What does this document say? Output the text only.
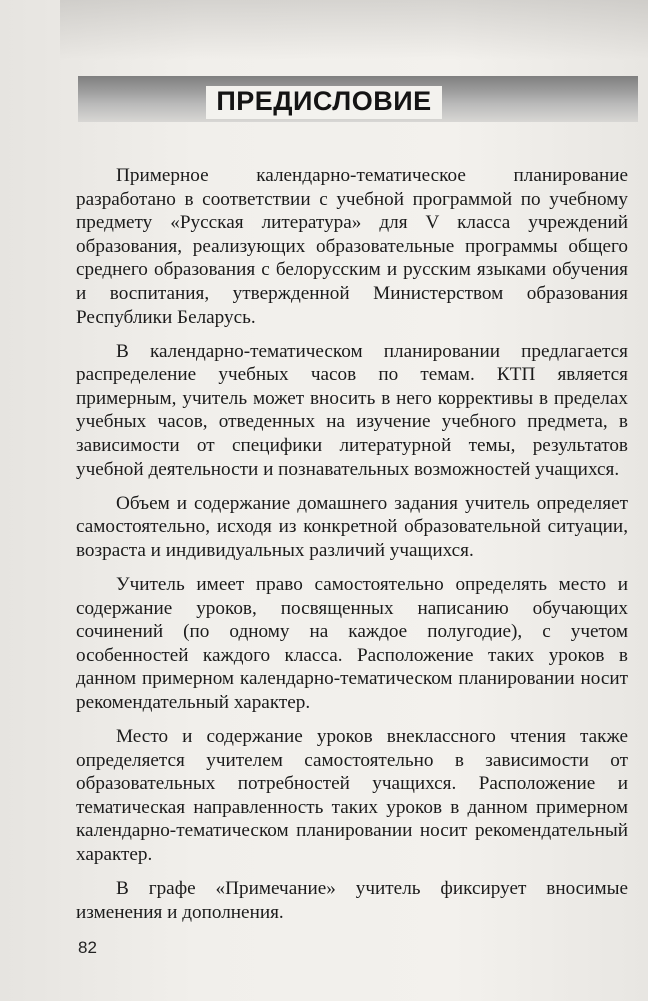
ПРЕДИСЛОВИЕ

Примерное календарно-тематическое планирование разработано в соответствии с учебной программой по учебному предмету «Русская литература» для V класса учреждений образования, реализующих образовательные программы общего среднего образования с белорусским и русским языками обучения и воспитания, утвержденной Министерством образования Республики Беларусь.

В календарно-тематическом планировании предлагается распределение учебных часов по темам. КТП является примерным, учитель может вносить в него коррективы в пределах учебных часов, отведенных на изучение учебного предмета, в зависимости от специфики литературной темы, результатов учебной деятельности и познавательных возможностей учащихся.

Объем и содержание домашнего задания учитель определяет самостоятельно, исходя из конкретной образовательной ситуации, возраста и индивидуальных различий учащихся.

Учитель имеет право самостоятельно определять место и содержание уроков, посвященных написанию обучающих сочинений (по одному на каждое полугодие), с учетом особенностей каждого класса. Расположение таких уроков в данном примерном календарно-тематическом планировании носит рекомендательный характер.

Место и содержание уроков внеклассного чтения также определяется учителем самостоятельно в зависимости от образовательных потребностей учащихся. Расположение и тематическая направленность таких уроков в данном примерном календарно-тематическом планировании носит рекомендательный характер.

В графе «Примечание» учитель фиксирует вносимые изменения и дополнения.

82
